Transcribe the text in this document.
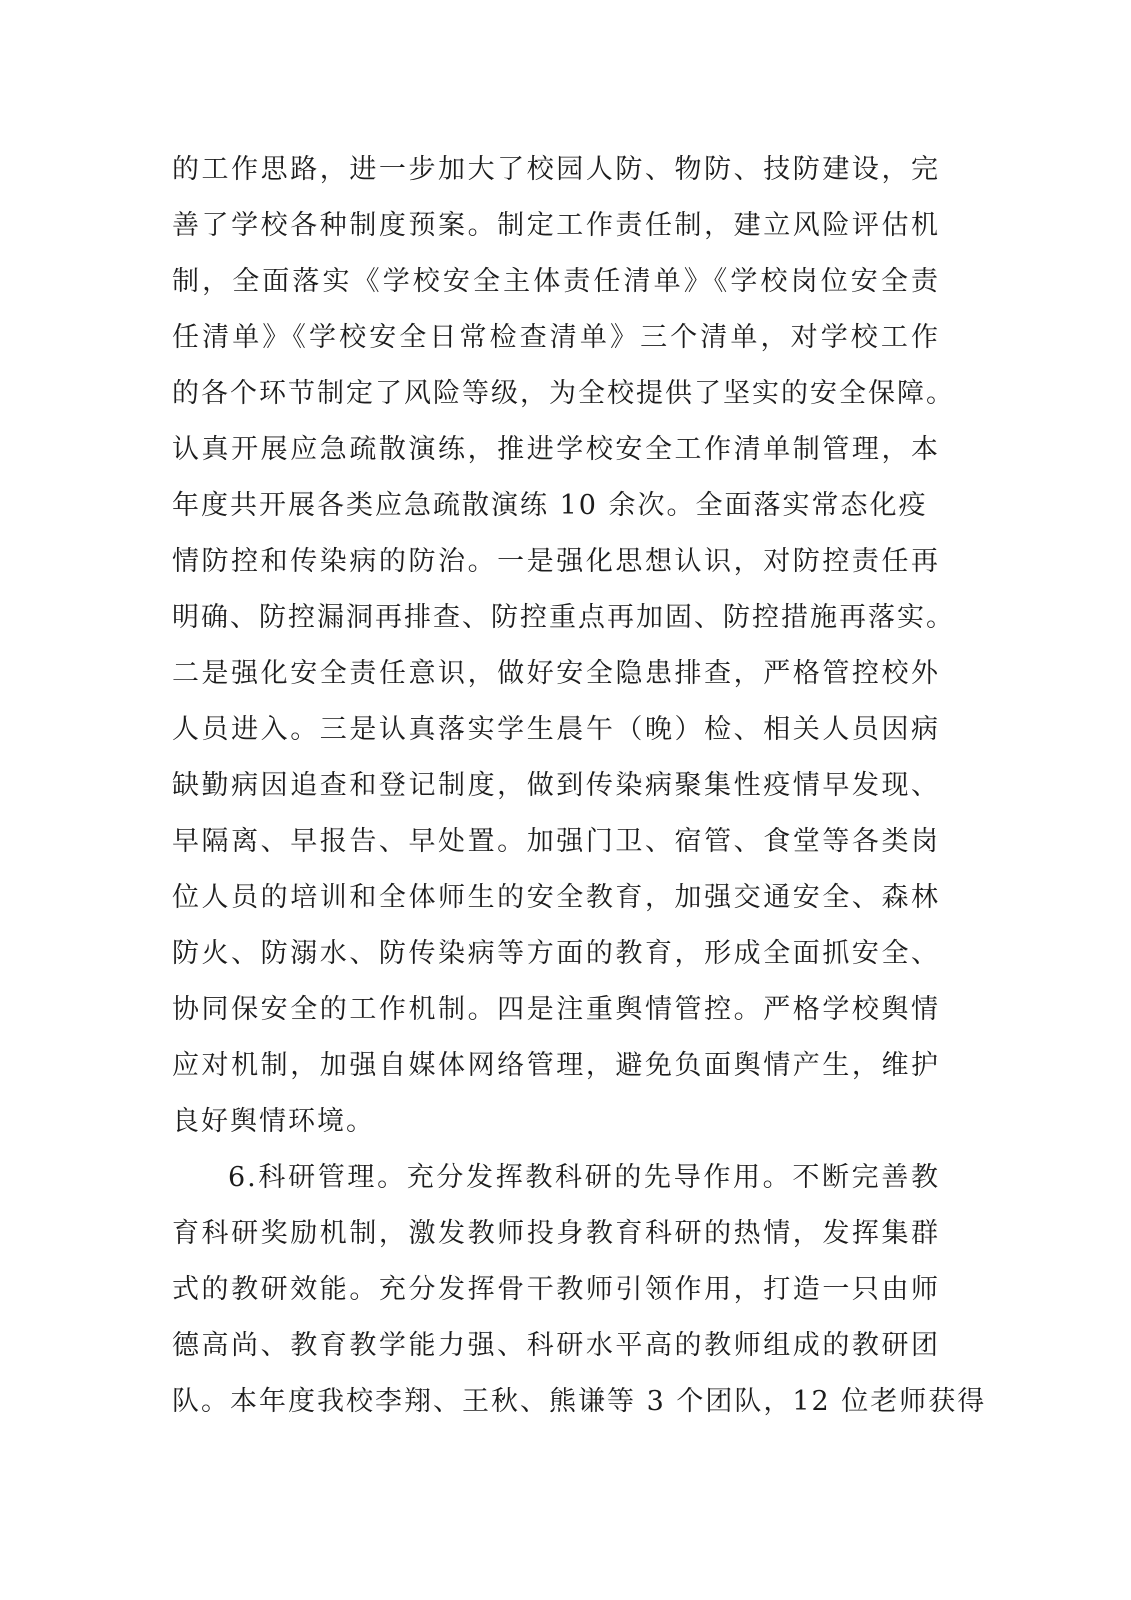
的工作思路，进一步加大了校园人防、物防、技防建设，完
善了学校各种制度预案。制定工作责任制，建立风险评估机
制，全面落实《学校安全主体责任清单》《学校岗位安全责
任清单》《学校安全日常检查清单》三个清单，对学校工作
的各个环节制定了风险等级，为全校提供了坚实的安全保障。
认真开展应急疏散演练，推进学校安全工作清单制管理，本
年度共开展各类应急疏散演练 10 余次。全面落实常态化疫
情防控和传染病的防治。一是强化思想认识，对防控责任再
明确、防控漏洞再排查、防控重点再加固、防控措施再落实。
二是强化安全责任意识，做好安全隐患排查，严格管控校外
人员进入。三是认真落实学生晨午（晚）检、相关人员因病
缺勤病因追查和登记制度，做到传染病聚集性疫情早发现、
早隔离、早报告、早处置。加强门卫、宿管、食堂等各类岗
位人员的培训和全体师生的安全教育，加强交通安全、森林
防火、防溺水、防传染病等方面的教育，形成全面抓安全、
协同保安全的工作机制。四是注重舆情管控。严格学校舆情
应对机制，加强自媒体网络管理，避免负面舆情产生，维护
良好舆情环境。
6.科研管理。充分发挥教科研的先导作用。不断完善教
育科研奖励机制，激发教师投身教育科研的热情，发挥集群
式的教研效能。充分发挥骨干教师引领作用，打造一只由师
德高尚、教育教学能力强、科研水平高的教师组成的教研团
队。本年度我校李翔、王秋、熊谦等 3 个团队，12 位老师获得
